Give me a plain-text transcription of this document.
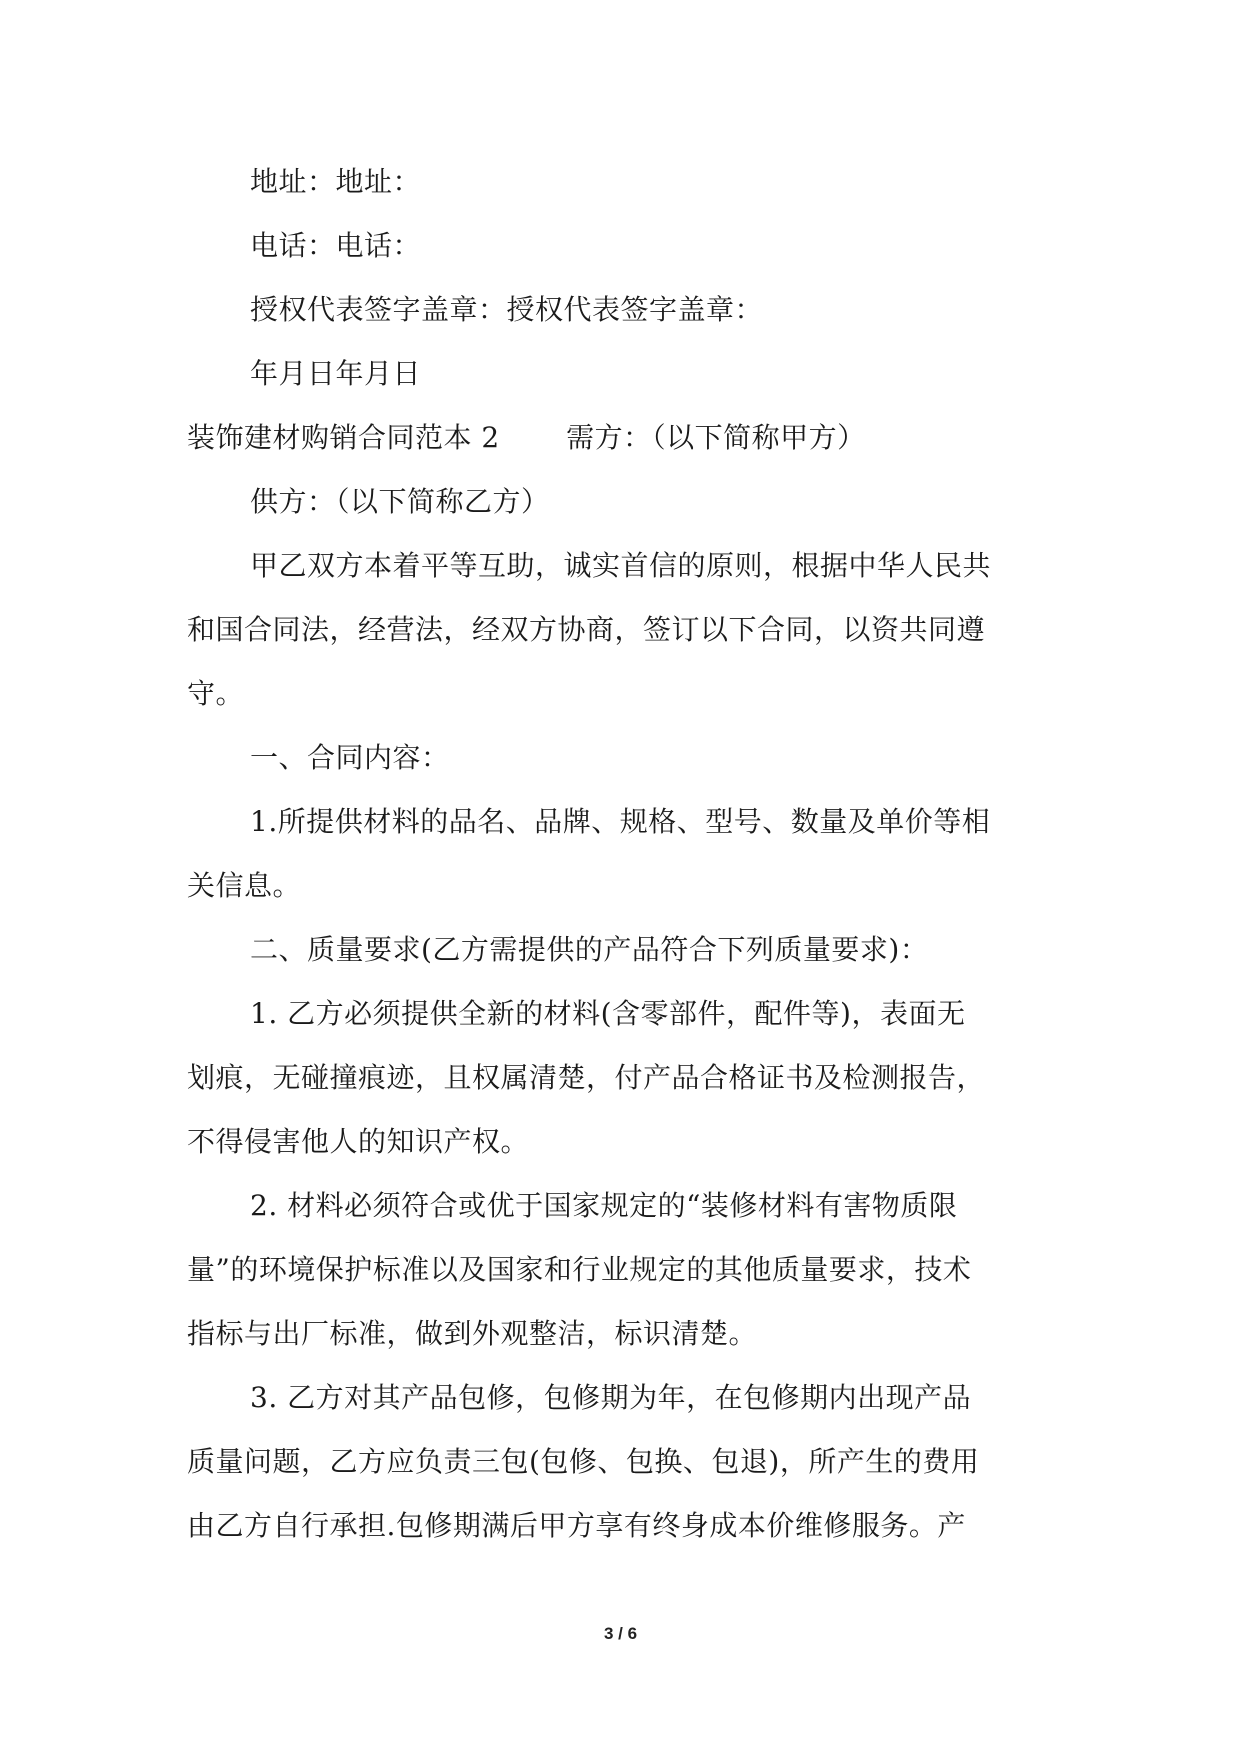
地址：地址：
电话：电话：
授权代表签字盖章：授权代表签字盖章：
年月日年月日
装饰建材购销合同范本 2　　 需方：（以下简称甲方）
供方：（以下简称乙方）
甲乙双方本着平等互助，诚实首信的原则，根据中华人民共
和国合同法，经营法，经双方协商，签订以下合同，以资共同遵
守。
一、合同内容：
1.所提供材料的品名、品牌、规格、型号、数量及单价等相
关信息。
二、质量要求(乙方需提供的产品符合下列质量要求)：
1. 乙方必须提供全新的材料(含零部件，配件等)，表面无
划痕，无碰撞痕迹，且权属清楚，付产品合格证书及检测报告，
不得侵害他人的知识产权。
2. 材料必须符合或优于国家规定的“装修材料有害物质限
量”的环境保护标准以及国家和行业规定的其他质量要求，技术
指标与出厂标准，做到外观整洁，标识清楚。
3. 乙方对其产品包修，包修期为年，在包修期内出现产品
质量问题，乙方应负责三包(包修、包换、包退)，所产生的费用
由乙方自行承担.包修期满后甲方享有终身成本价维修服务。产
3 / 6
